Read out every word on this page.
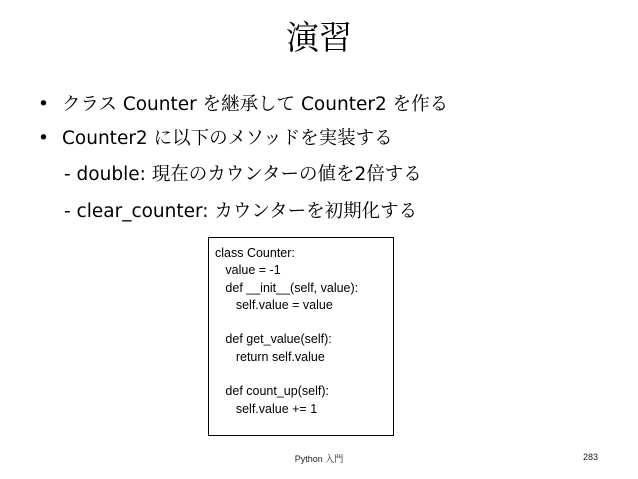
演習
• クラス Counter を継承して Counter2 を作る
• Counter2 に以下のメソッドを実装する
- double: 現在のカウンターの値を2倍する
- clear_counter: カウンターを初期化する
class Counter:
value = -1
def __init__(self, value):
self.value = value
def get_value(self):
return self.value
def count_up(self):
self.value += 1
Python 入門	283
